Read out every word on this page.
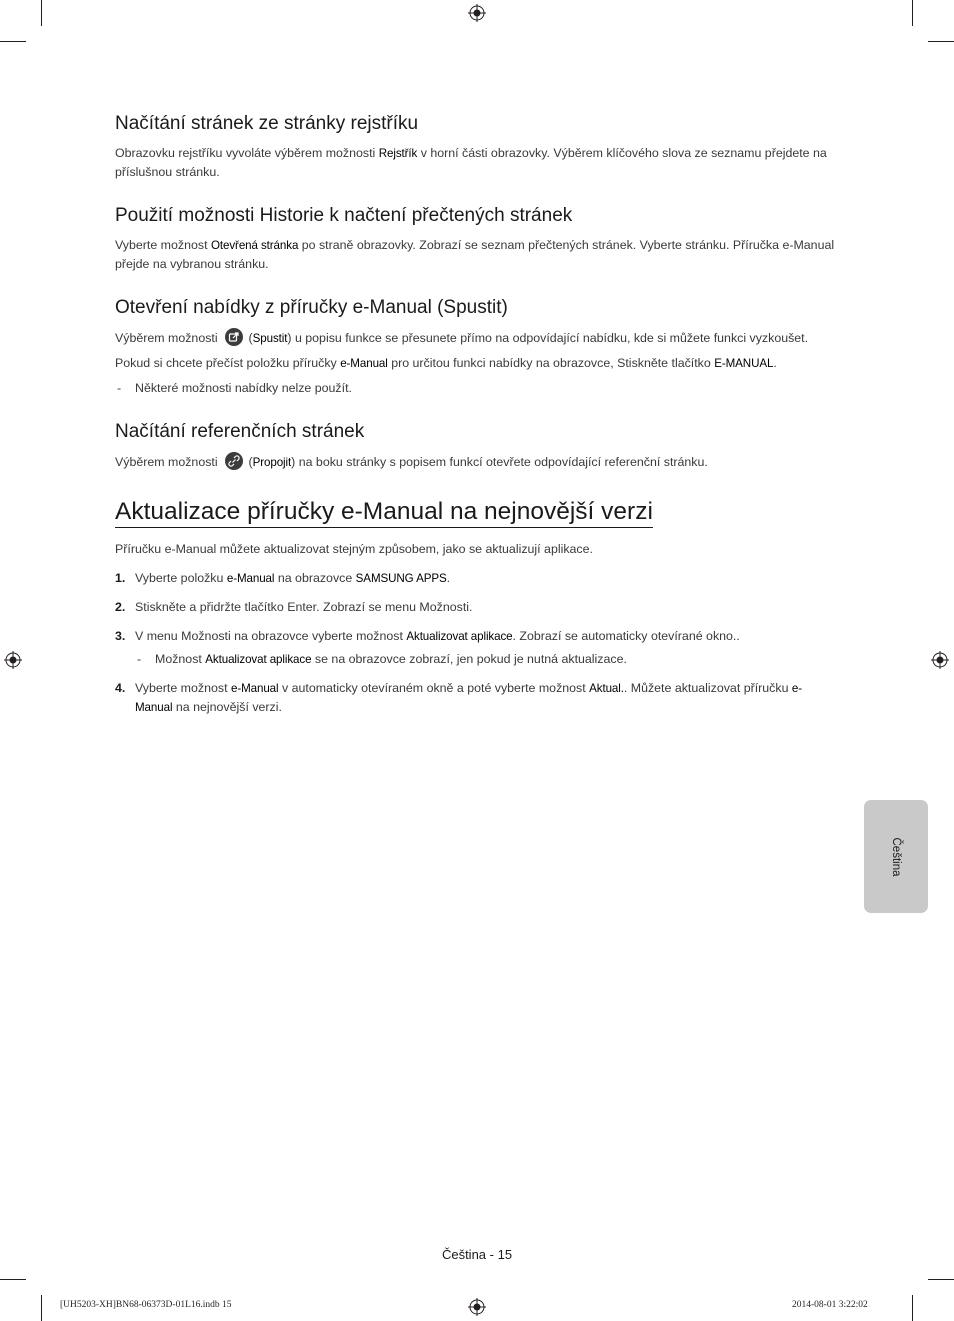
Načítání stránek ze stránky rejstříku

Obrazovku rejstříku vyvoláte výběrem možnosti Rejstřík v horní části obrazovky. Výběrem klíčového slova ze seznamu přejdete na příslušnou stránku.

Použití možnosti Historie k načtení přečtených stránek

Vyberte možnost Otevřená stránka po straně obrazovky. Zobrazí se seznam přečtených stránek. Vyberte stránku. Příručka e-Manual přejde na vybranou stránku.

Otevření nabídky z příručky e-Manual (Spustit)

Výběrem možnosti
(Spustit) u popisu funkce se přesunete přímo na odpovídající nabídku, kde si můžete funkci vyzkoušet.

Pokud si chcete přečíst položku příručky e-Manual pro určitou funkci nabídky na obrazovce, Stiskněte tlačítko E-MANUAL.

- Některé možnosti nabídky nelze použít.

Načítání referenčních stránek

Výběrem možnosti
(Propojit) na boku stránky s popisem funkcí otevřete odpovídající referenční stránku.

Aktualizace příručky e-Manual na nejnovější verzi

Příručku e-Manual můžete aktualizovat stejným způsobem, jako se aktualizují aplikace.

1. Vyberte položku e-Manual na obrazovce SAMSUNG APPS.
2. Stiskněte a přidržte tlačítko Enter. Zobrazí se menu Možnosti.
3. V menu Možnosti na obrazovce vyberte možnost Aktualizovat aplikace. Zobrazí se automaticky otevírané okno..
- Možnost Aktualizovat aplikace se na obrazovce zobrazí, jen pokud je nutná aktualizace.
4. Vyberte možnost e-Manual v automaticky otevíraném okně a poté vyberte možnost Aktual.. Můžete aktualizovat příručku e-Manual na nejnovější verzi.
Čeština
Čeština - 15
[UH5203-XH]BN68-06373D-01L16.indb 15	2014-08-01 3:22:02
